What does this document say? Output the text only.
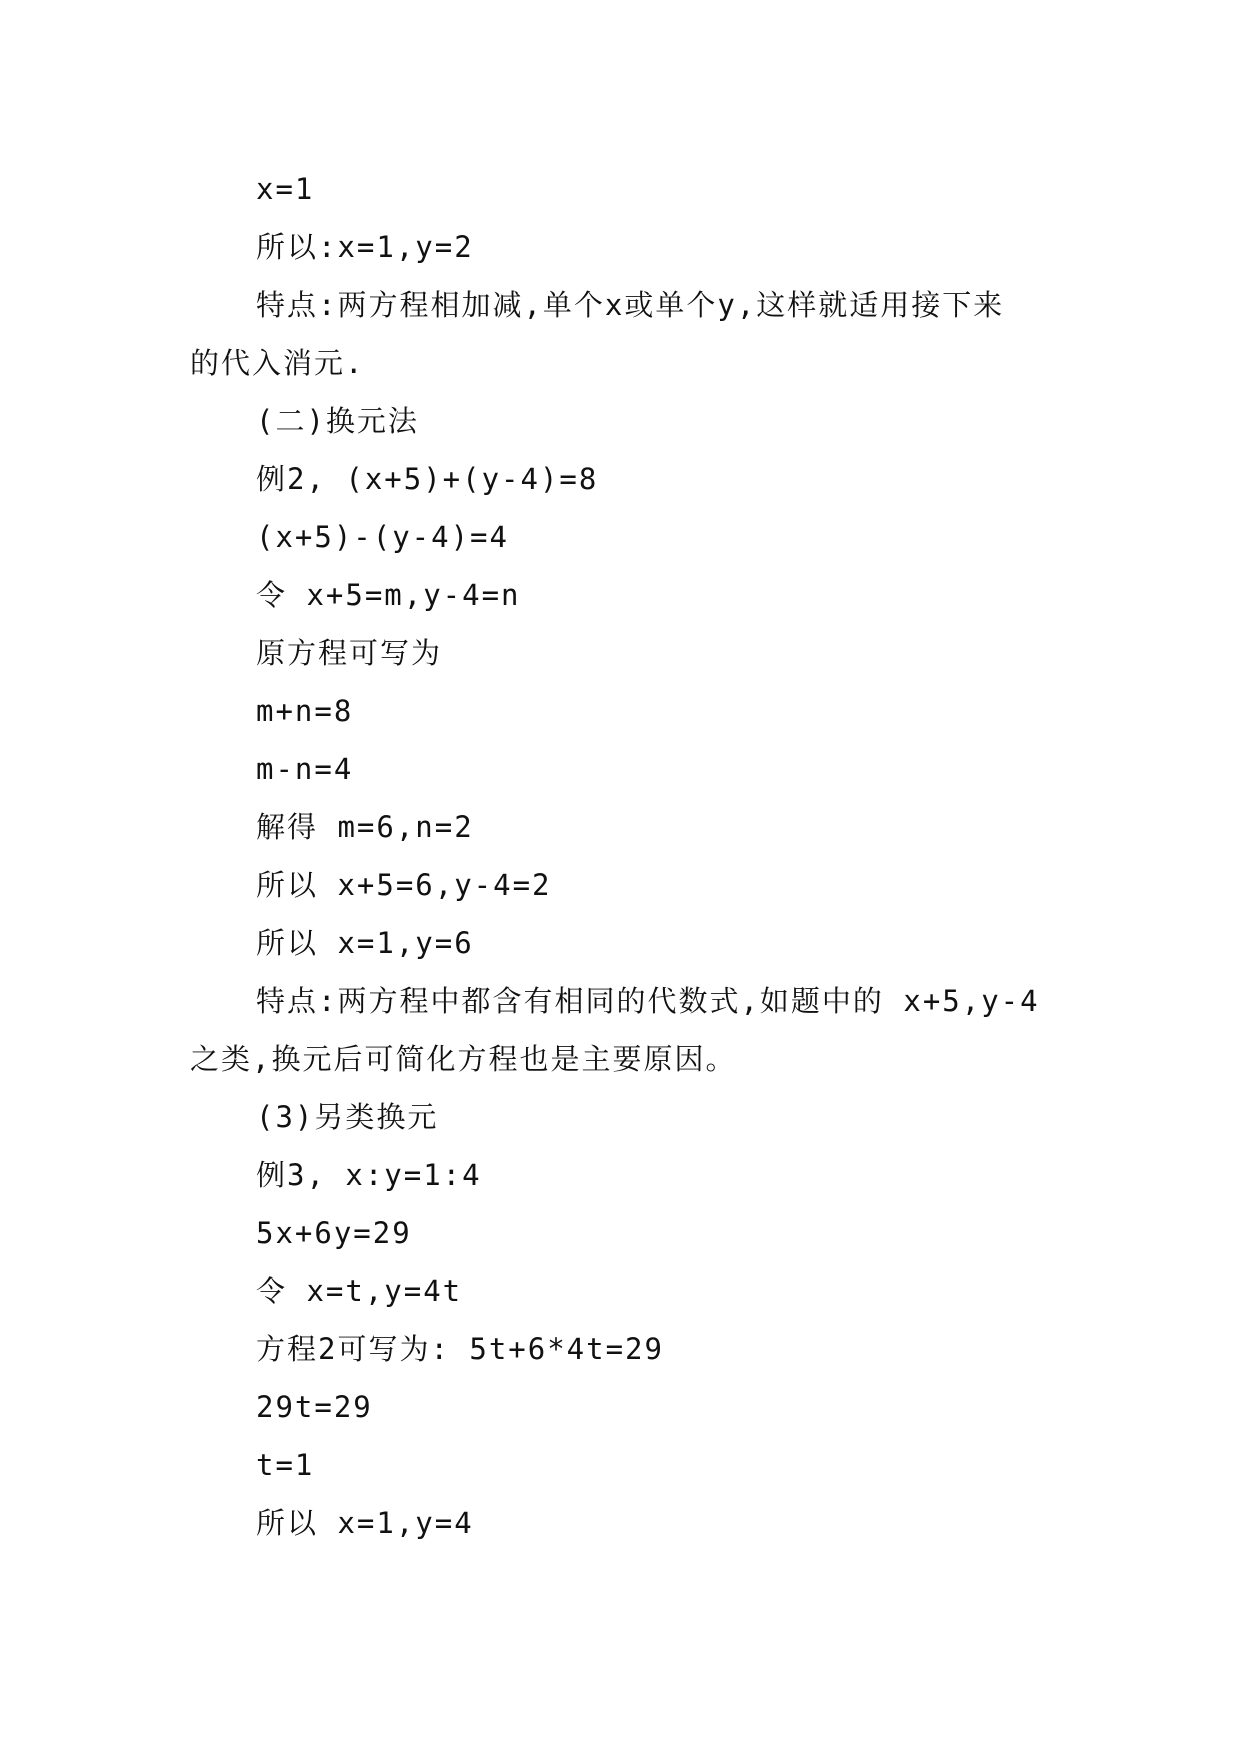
x=1
所以:x=1,y=2
特点:两方程相加减,单个x或单个y,这样就适用接下来
的代入消元.
(二)换元法
例2, (x+5)+(y-4)=8
(x+5)-(y-4)=4
令 x+5=m,y-4=n
原方程可写为
m+n=8
m-n=4
解得 m=6,n=2
所以 x+5=6,y-4=2
所以 x=1,y=6
特点:两方程中都含有相同的代数式,如题中的 x+5,y-4
之类,换元后可简化方程也是主要原因。
(3)另类换元
例3, x:y=1:4
5x+6y=29
令 x=t,y=4t
方程2可写为: 5t+6*4t=29
29t=29
t=1
所以 x=1,y=4
